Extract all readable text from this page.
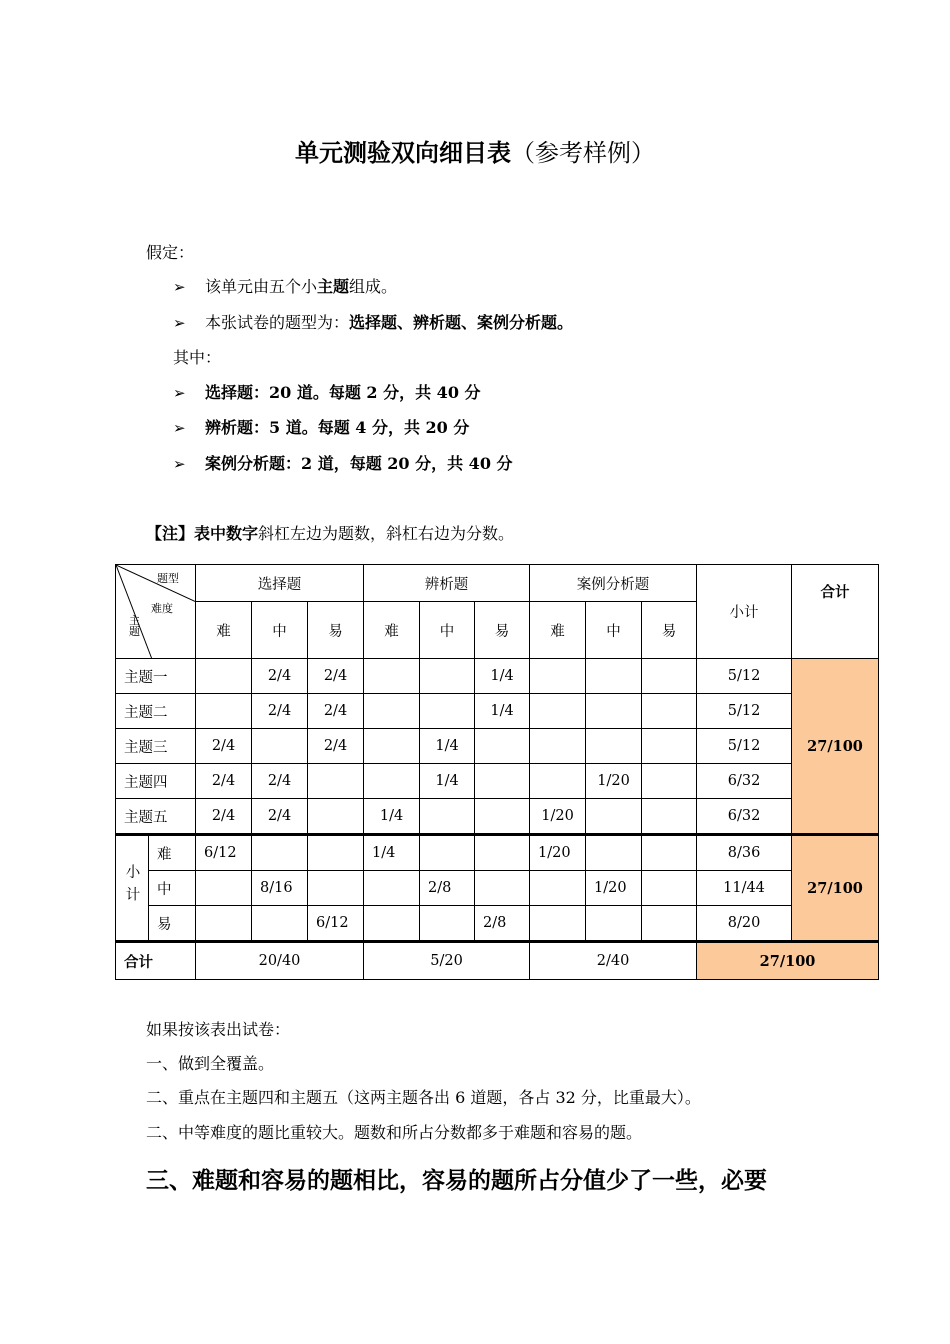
单元测验双向细目表（参考样例）
假定：
➢ 该单元由五个小主题组成。
➢ 本张试卷的题型为：选择题、辨析题、案例分析题。
其中：
➢ 选择题：20 道。每题 2 分，共 40 分
➢ 辨析题：5 道。每题 4 分，共 20 分
➢ 案例分析题：2 道，每题 20 分，共 40 分
【注】表中数字斜杠左边为题数，斜杠右边为分数。
题型
难度
主题		选择题			辨析题			案例分析题			小计	合计
		难	中	易	难	中	易	难	中	易		
主题一			2/4	2/4			1/4				5/12	27/100
主题二			2/4	2/4			1/4				5/12	
主题三		2/4		2/4		1/4					5/12	
主题四		2/4	2/4			1/4			1/20		6/32	
主题五		2/4	2/4		1/4			1/20			6/32	
小计	难	6/12			1/4			1/20			8/36	27/100
	中		8/16			2/8			1/20		11/44	
	易			6/12			2/8				8/20	
合计		20/40			5/20			2/40			27/100	
如果按该表出试卷：
一、做到全覆盖。
二、重点在主题四和主题五（这两主题各出 6 道题，各占 32 分，比重最大）。
二、中等难度的题比重较大。题数和所占分数都多于难题和容易的题。
三、难题和容易的题相比，容易的题所占分值少了一些，必要
